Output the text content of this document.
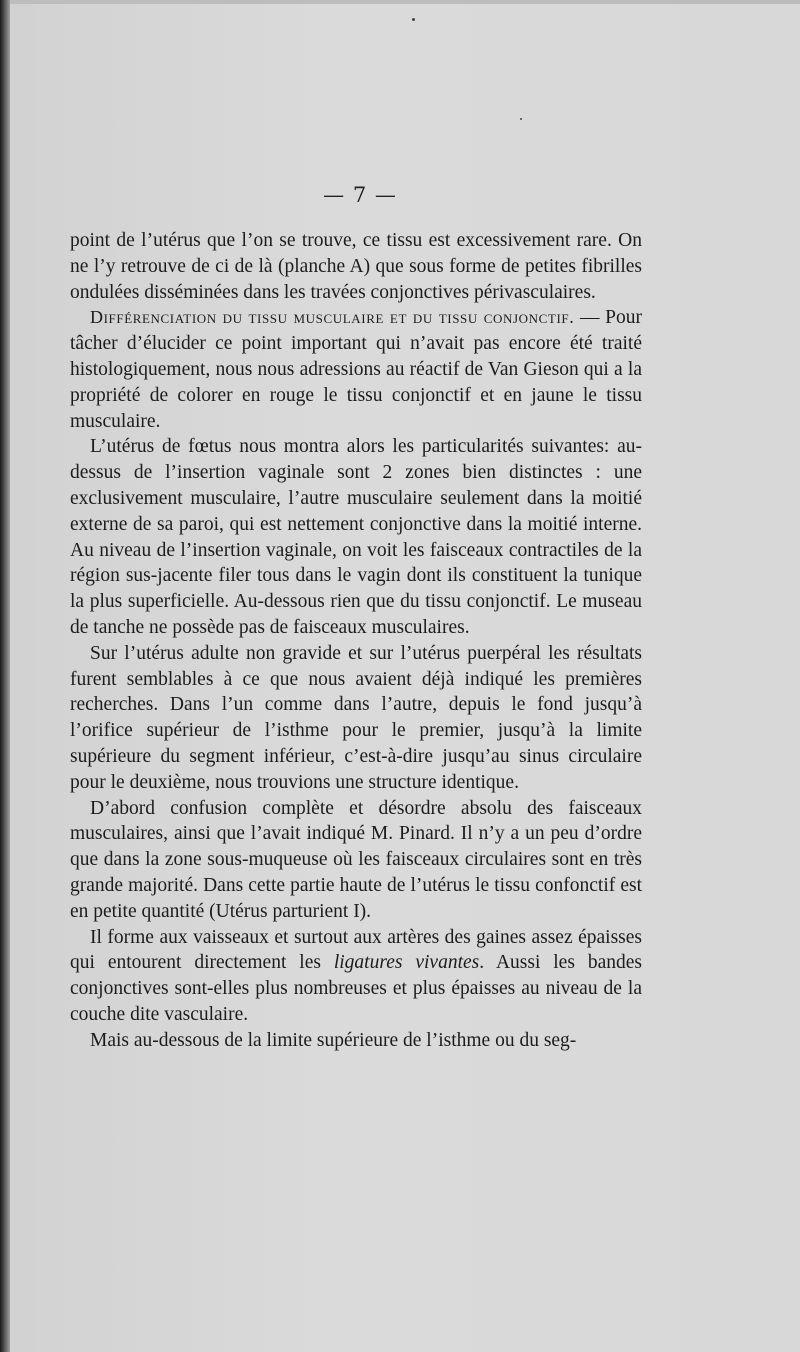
— 7 —

point de l’utérus que l’on se trouve, ce tissu est excessivement rare. On ne l’y retrouve de ci de là (planche A) que sous forme de petites fibrilles ondulées disséminées dans les travées conjonctives périvasculaires.

Différenciation du tissu musculaire et du tissu conjonctif. — Pour tâcher d’élucider ce point important qui n’avait pas encore été traité histologiquement, nous nous adressions au réactif de Van Gieson qui a la propriété de colorer en rouge le tissu conjonctif et en jaune le tissu musculaire.

L’utérus de fœtus nous montra alors les particularités suivantes: au-dessus de l’insertion vaginale sont 2 zones bien distinctes : une exclusivement musculaire, l’autre musculaire seulement dans la moitié externe de sa paroi, qui est nettement conjonctive dans la moitié interne. Au niveau de l’insertion vaginale, on voit les faisceaux contractiles de la région sus-jacente filer tous dans le vagin dont ils constituent la tunique la plus superficielle. Au-dessous rien que du tissu conjonctif. Le museau de tanche ne possède pas de faisceaux musculaires.

Sur l’utérus adulte non gravide et sur l’utérus puerpéral les résultats furent semblables à ce que nous avaient déjà indiqué les premières recherches. Dans l’un comme dans l’autre, depuis le fond jusqu’à l’orifice supérieur de l’isthme pour le premier, jusqu’à la limite supérieure du segment inférieur, c’est-à-dire jusqu’au sinus circulaire pour le deuxième, nous trouvions une structure identique.

D’abord confusion complète et désordre absolu des faisceaux musculaires, ainsi que l’avait indiqué M. Pinard. Il n’y a un peu d’ordre que dans la zone sous-muqueuse où les faisceaux circulaires sont en très grande majorité. Dans cette partie haute de l’utérus le tissu confonctif est en petite quantité (Utérus parturient I).

Il forme aux vaisseaux et surtout aux artères des gaines assez épaisses qui entourent directement les ligatures vivantes. Aussi les bandes conjonctives sont-elles plus nombreuses et plus épaisses au niveau de la couche dite vasculaire.

Mais au-dessous de la limite supérieure de l’isthme ou du seg-
